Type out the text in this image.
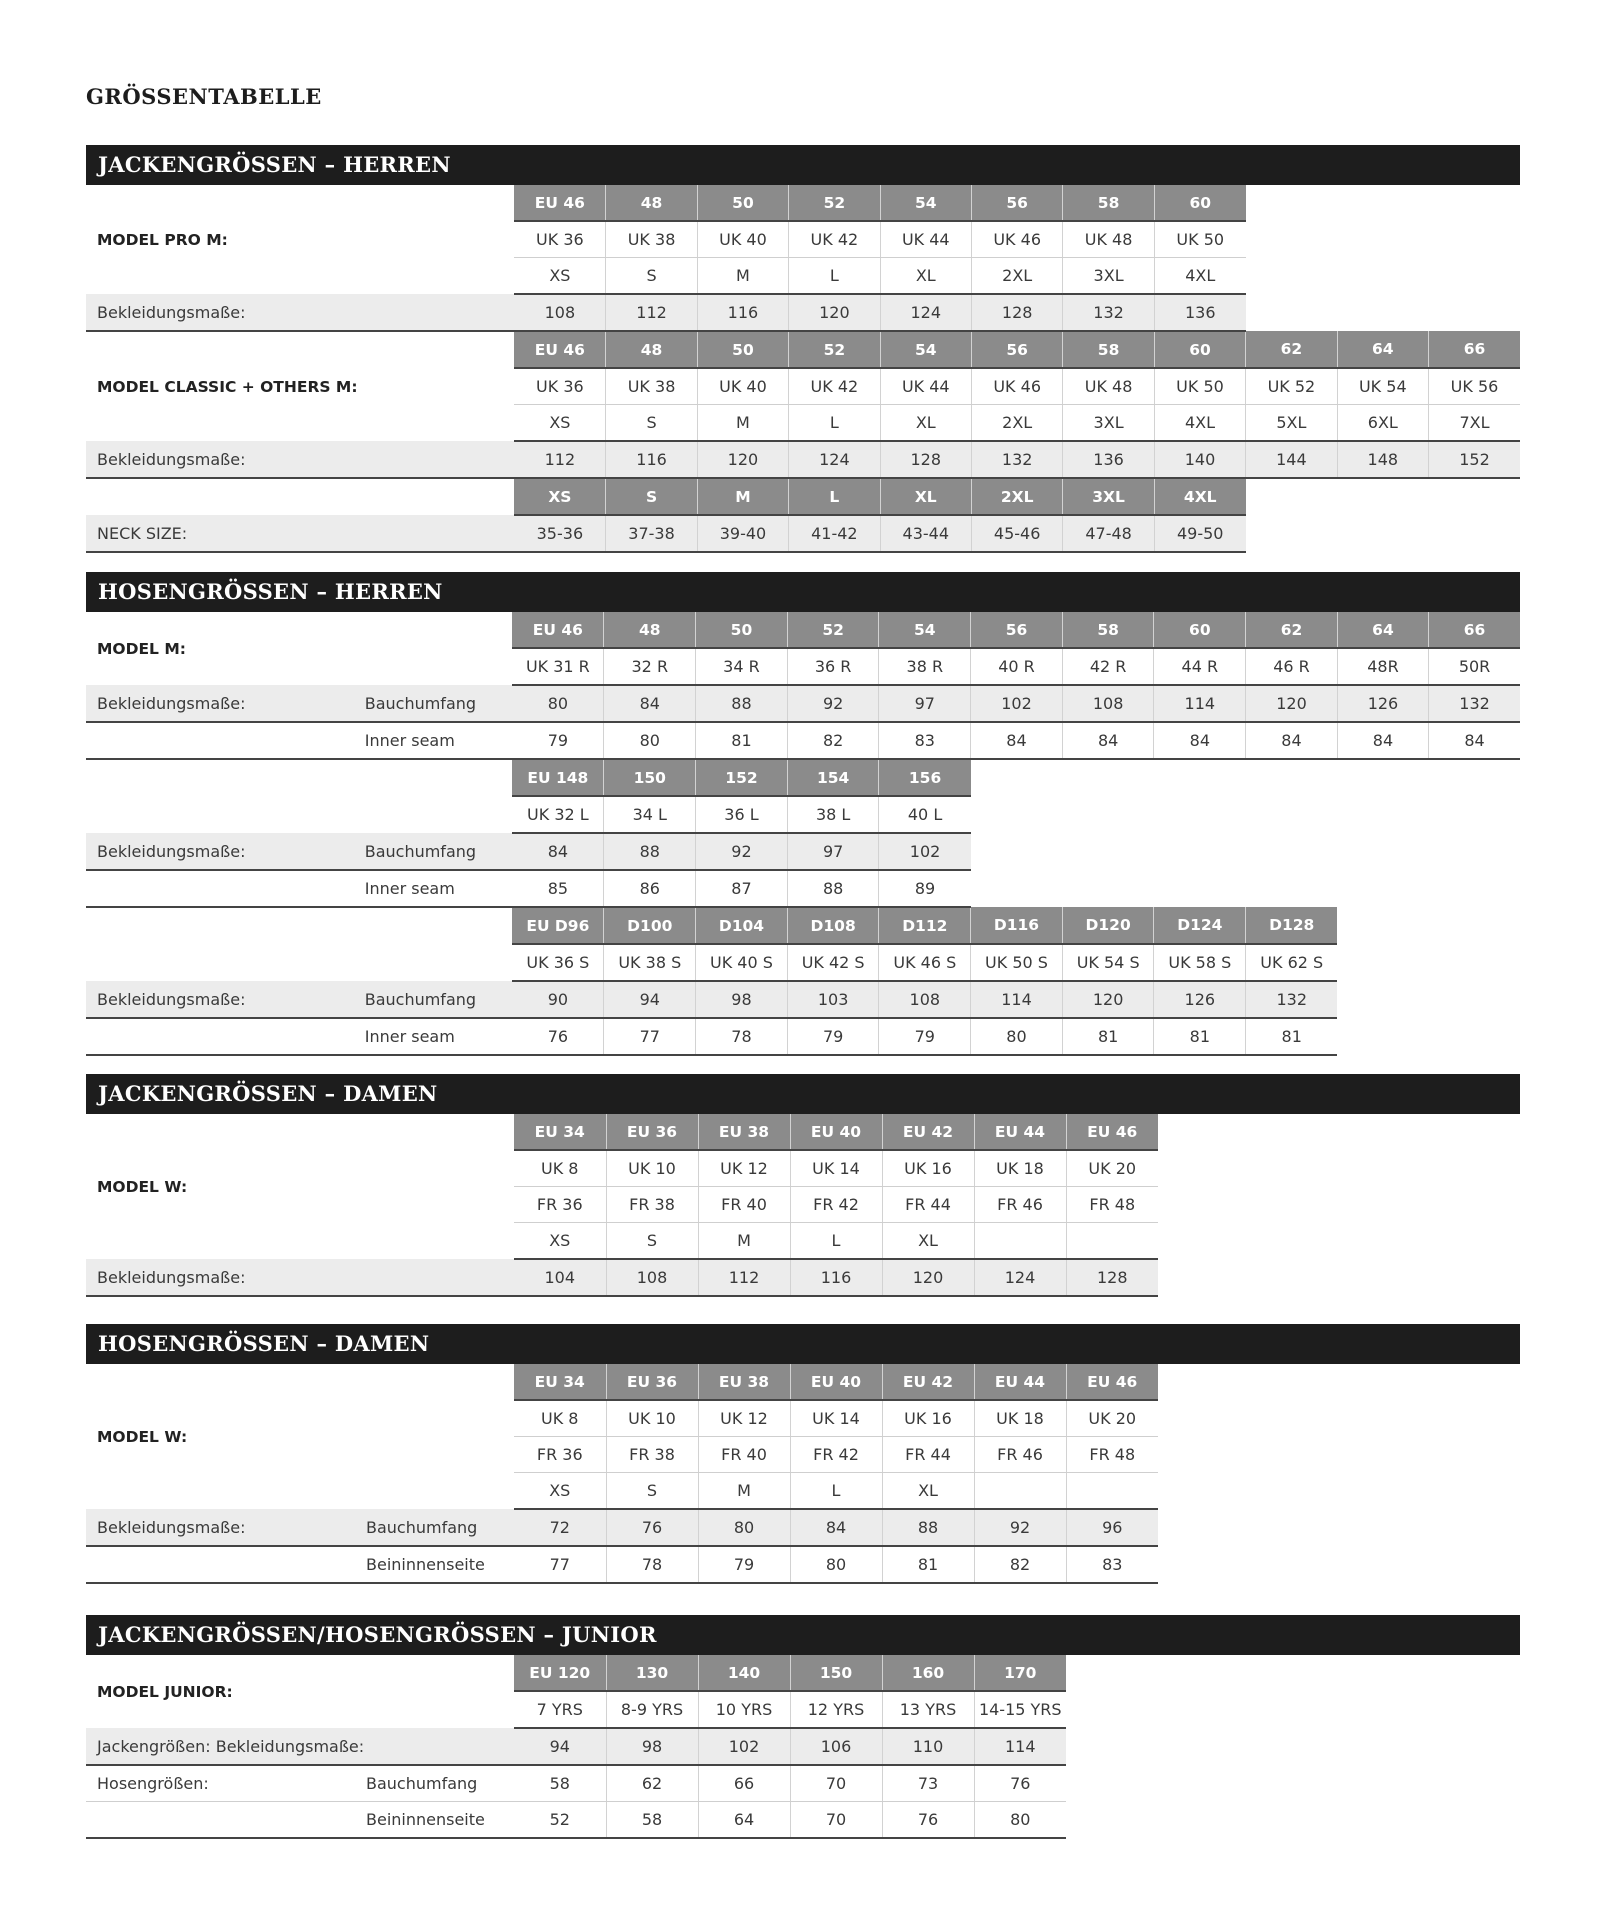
GRÖSSENTABELLE
JACKENGRÖSSEN – HERREN
MODEL PRO M:		EU 46	48	50	52	54	56	58	60			
		UK 36	UK 38	UK 40	UK 42	UK 44	UK 46	UK 48	UK 50			
		XS	S	M	L	XL	2XL	3XL	4XL			
Bekleidungsmaße:		108	112	116	120	124	128	132	136			
MODEL CLASSIC + OTHERS M:		EU 46	48	50	52	54	56	58	60	62	64	66
		UK 36	UK 38	UK 40	UK 42	UK 44	UK 46	UK 48	UK 50	UK 52	UK 54	UK 56
		XS	S	M	L	XL	2XL	3XL	4XL	5XL	6XL	7XL
Bekleidungsmaße:		112	116	120	124	128	132	136	140	144	148	152
		XS	S	M	L	XL	2XL	3XL	4XL			
NECK SIZE:		35-36	37-38	39-40	41-42	43-44	45-46	47-48	49-50			
HOSENGRÖSSEN – HERREN
MODEL M:		EU 46	48	50	52	54	56	58	60	62	64	66
		UK 31 R	32 R	34 R	36 R	38 R	40 R	42 R	44 R	46 R	48R	50R
Bekleidungsmaße:	Bauchumfang	80	84	88	92	97	102	108	114	120	126	132
	Inner seam	79	80	81	82	83	84	84	84	84	84	84
		EU 148	150	152	154	156						
		UK 32 L	34 L	36 L	38 L	40 L						
Bekleidungsmaße:	Bauchumfang	84	88	92	97	102						
	Inner seam	85	86	87	88	89						
		EU D96	D100	D104	D108	D112	D116	D120	D124	D128		
		UK 36 S	UK 38 S	UK 40 S	UK 42 S	UK 46 S	UK 50 S	UK 54 S	UK 58 S	UK 62 S		
Bekleidungsmaße:	Bauchumfang	90	94	98	103	108	114	120	126	132		
	Inner seam	76	77	78	79	79	80	81	81	81		
JACKENGRÖSSEN – DAMEN
MODEL W:		EU 34	EU 36	EU 38	EU 40	EU 42	EU 44	EU 46
		UK 8	UK 10	UK 12	UK 14	UK 16	UK 18	UK 20
		FR 36	FR 38	FR 40	FR 42	FR 44	FR 46	FR 48
		XS	S	M	L	XL		
Bekleidungsmaße:		104	108	112	116	120	124	128
HOSENGRÖSSEN – DAMEN
MODEL W:		EU 34	EU 36	EU 38	EU 40	EU 42	EU 44	EU 46
		UK 8	UK 10	UK 12	UK 14	UK 16	UK 18	UK 20
		FR 36	FR 38	FR 40	FR 42	FR 44	FR 46	FR 48
		XS	S	M	L	XL		
Bekleidungsmaße:	Bauchumfang	72	76	80	84	88	92	96
	Beininnenseite	77	78	79	80	81	82	83
JACKENGRÖSSEN/HOSENGRÖSSEN – JUNIOR
MODEL JUNIOR:		EU 120	130	140	150	160	170
		7 YRS	8-9 YRS	10 YRS	12 YRS	13 YRS	14-15 YRS
Jackengrößen: Bekleidungsmaße:		94	98	102	106	110	114
Hosengrößen:	Bauchumfang	58	62	66	70	73	76
	Beininnenseite	52	58	64	70	76	80
